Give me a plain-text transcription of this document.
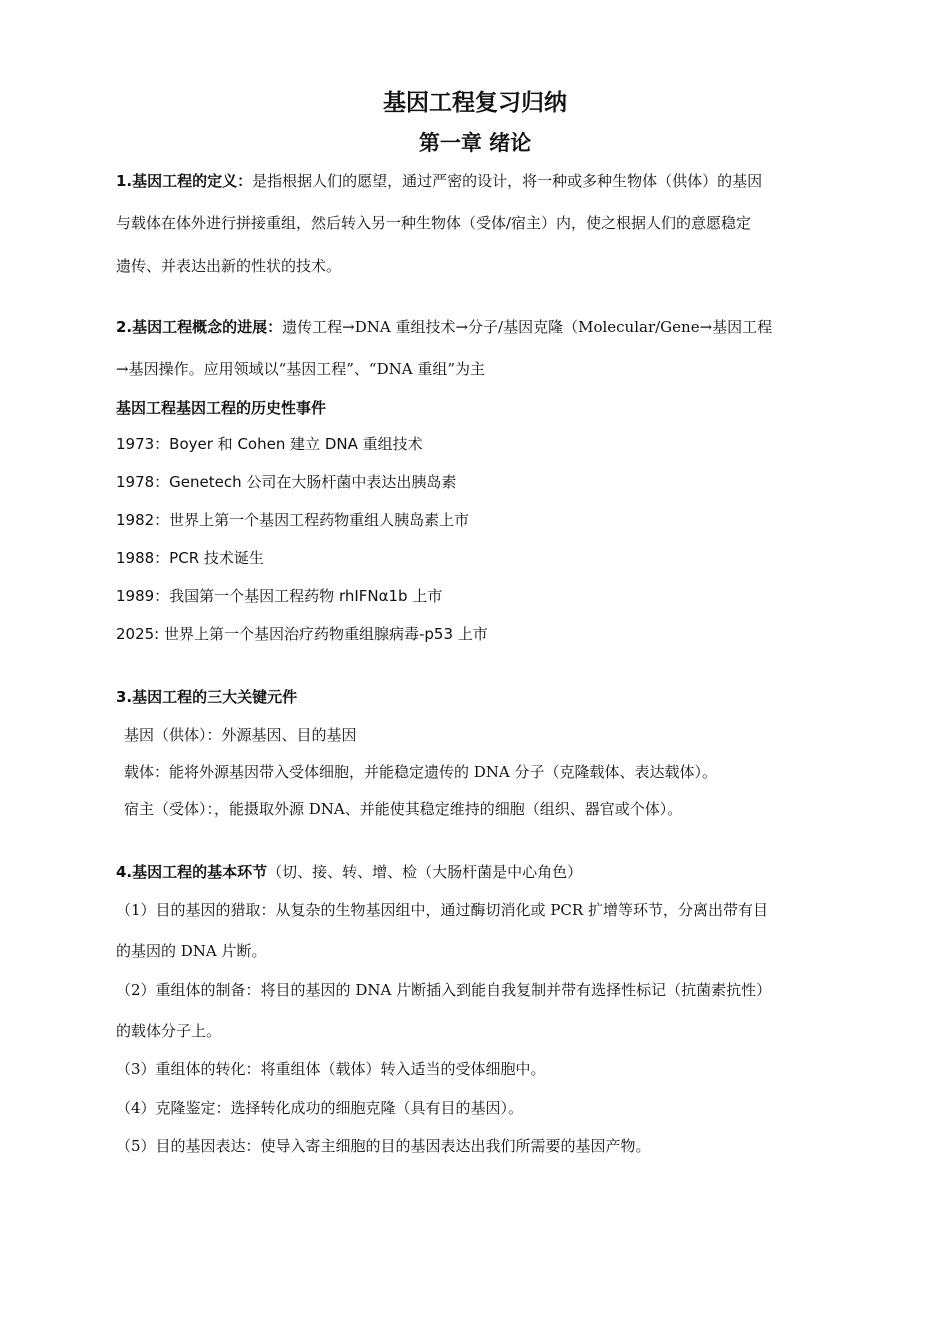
基因工程复习归纳
第一章 绪论
1.基因工程的定义：是指根据人们的愿望，通过严密的设计，将一种或多种生物体（供体）的基因
与载体在体外进行拼接重组，然后转入另一种生物体（受体/宿主）内，使之根据人们的意愿稳定
遗传、并表达出新的性状的技术。
2.基因工程概念的进展：遗传工程→DNA 重组技术→分子/基因克隆（Molecular/Gene→基因工程
→基因操作。应用领域以“基因工程”、“DNA 重组”为主
基因工程基因工程的历史性事件
1973：Boyer 和 Cohen 建立 DNA 重组技术
1978：Genetech 公司在大肠杆菌中表达出胰岛素
1982：世界上第一个基因工程药物重组人胰岛素上市
1988：PCR 技术诞生
1989：我国第一个基因工程药物 rhIFNα1b 上市
2025: 世界上第一个基因治疗药物重组腺病毒-p53 上市
3.基因工程的三大关键元件
基因（供体）：外源基因、目的基因
载体：能将外源基因带入受体细胞，并能稳定遗传的 DNA 分子（克隆载体、表达载体）。
宿主（受体）：，能摄取外源 DNA、并能使其稳定维持的细胞（组织、器官或个体）。
4.基因工程的基本环节（切、接、转、增、检（大肠杆菌是中心角色）
（1）目的基因的猎取：从复杂的生物基因组中，通过酶切消化或 PCR 扩增等环节，分离出带有目
的基因的 DNA 片断。
（2）重组体的制备：将目的基因的 DNA 片断插入到能自我复制并带有选择性标记（抗菌素抗性）
的载体分子上。
（3）重组体的转化：将重组体（载体）转入适当的受体细胞中。
（4）克隆鉴定：选择转化成功的细胞克隆（具有目的基因）。
（5）目的基因表达：使导入寄主细胞的目的基因表达出我们所需要的基因产物。
